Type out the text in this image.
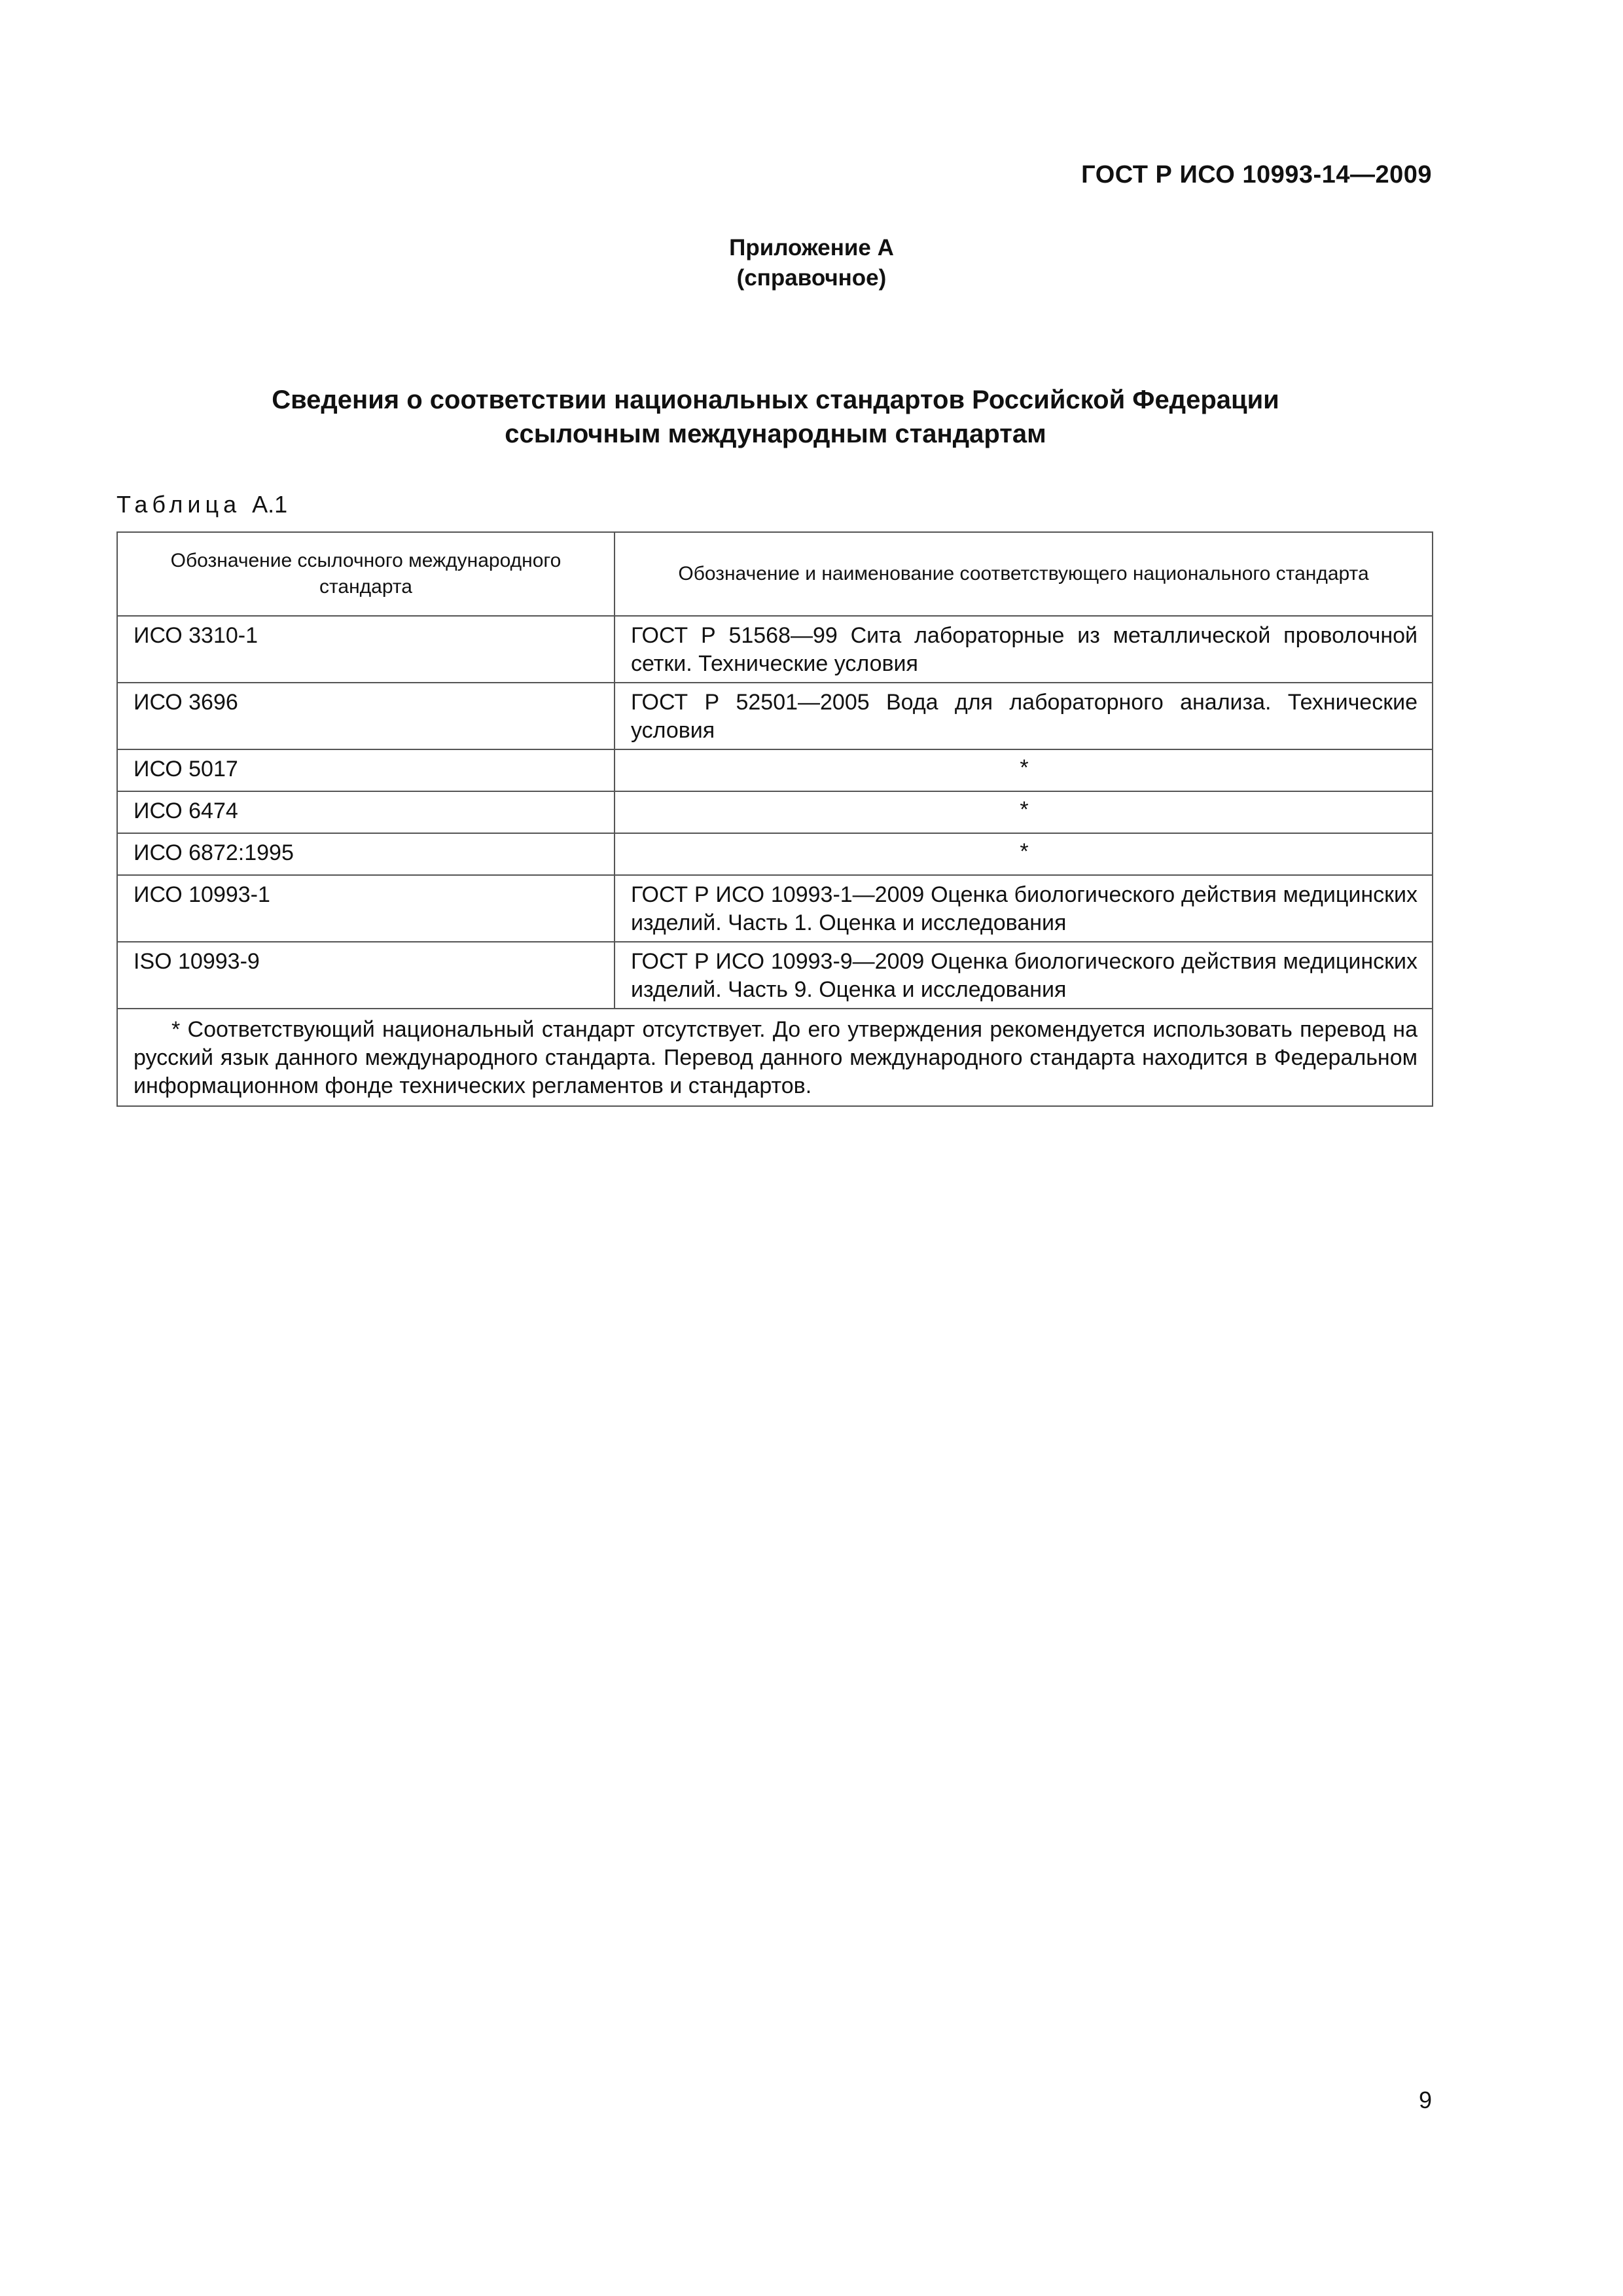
ГОСТ Р ИСО 10993-14—2009
Приложение А
(справочное)
Сведения о соответствии национальных стандартов Российской Федерации
ссылочным международным стандартам
Таблица А.1
Обозначение ссылочного международного стандарта	Обозначение и наименование соответствующего национального стандарта
ИСО 3310-1	ГОСТ Р 51568—99 Сита лабораторные из металлической проволочной сетки. Технические условия
ИСО 3696	ГОСТ Р 52501—2005 Вода для лабораторного анализа. Технические условия
ИСО 5017	*
ИСО 6474	*
ИСО 6872:1995	*
ИСО 10993-1	ГОСТ Р ИСО 10993-1—2009 Оценка биологического действия медицинских изделий. Часть 1. Оценка и исследования
ISO 10993-9	ГОСТ Р ИСО 10993-9—2009 Оценка биологического действия медицинских изделий. Часть 9. Оценка и исследования
* Соответствующий национальный стандарт отсутствует. До его утверждения рекомендуется использовать перевод на русский язык данного международного стандарта. Перевод данного международного стандарта находится в Федеральном информационном фонде технических регламентов и стандартов.	
9
